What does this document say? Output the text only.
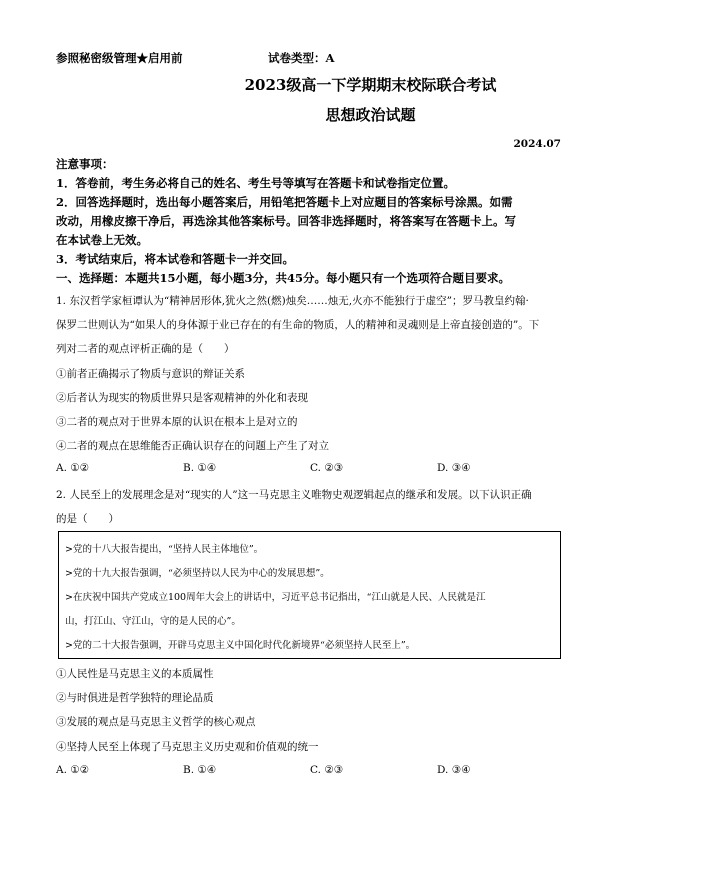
参照秘密级管理★启用前	试卷类型：A
2023级高一下学期期末校际联合考试
思想政治试题
2024.07
注意事项：
1．答卷前，考生务必将自己的姓名、考生号等填写在答题卡和试卷指定位置。
2．回答选择题时，选出每小题答案后，用铅笔把答题卡上对应题目的答案标号涂黑。如需
改动，用橡皮擦干净后，再选涂其他答案标号。回答非选择题时，将答案写在答题卡上。写
在本试卷上无效。
3．考试结束后，将本试卷和答题卡一并交回。
一、选择题：本题共15小题，每小题3分，共45分。每小题只有一个选项符合题目要求。
1. 东汉哲学家桓谭认为“精神居形体,犹火之然(燃)烛矣……烛无,火亦不能独行于虚空”；罗马教皇约翰·
保罗二世则认为“如果人的身体源于业已存在的有生命的物质，人的精神和灵魂则是上帝直接创造的”。下
列对二者的观点评析正确的是（　　）
①前者正确揭示了物质与意识的辩证关系
②后者认为现实的物质世界只是客观精神的外化和表现
③二者的观点对于世界本原的认识在根本上是对立的
④二者的观点在思维能否正确认识存在的问题上产生了对立
A. ①②	B. ①④	C. ②③	D. ③④
2. 人民至上的发展理念是对“现实的人”这一马克思主义唯物史观逻辑起点的继承和发展。以下认识正确
的是（　　）
>党的十八大报告提出，“坚持人民主体地位”。
>党的十九大报告强调，“必须坚持以人民为中心的发展思想”。
>在庆祝中国共产党成立100周年大会上的讲话中，习近平总书记指出，“江山就是人民、人民就是江
山，打江山、守江山，守的是人民的心”。
>党的二十大报告强调，开辟马克思主义中国化时代化新境界“必须坚持人民至上”。
①人民性是马克思主义的本质属性
②与时俱进是哲学独特的理论品质
③发展的观点是马克思主义哲学的核心观点
④坚持人民至上体现了马克思主义历史观和价值观的统一
A. ①②	B. ①④	C. ②③	D. ③④
